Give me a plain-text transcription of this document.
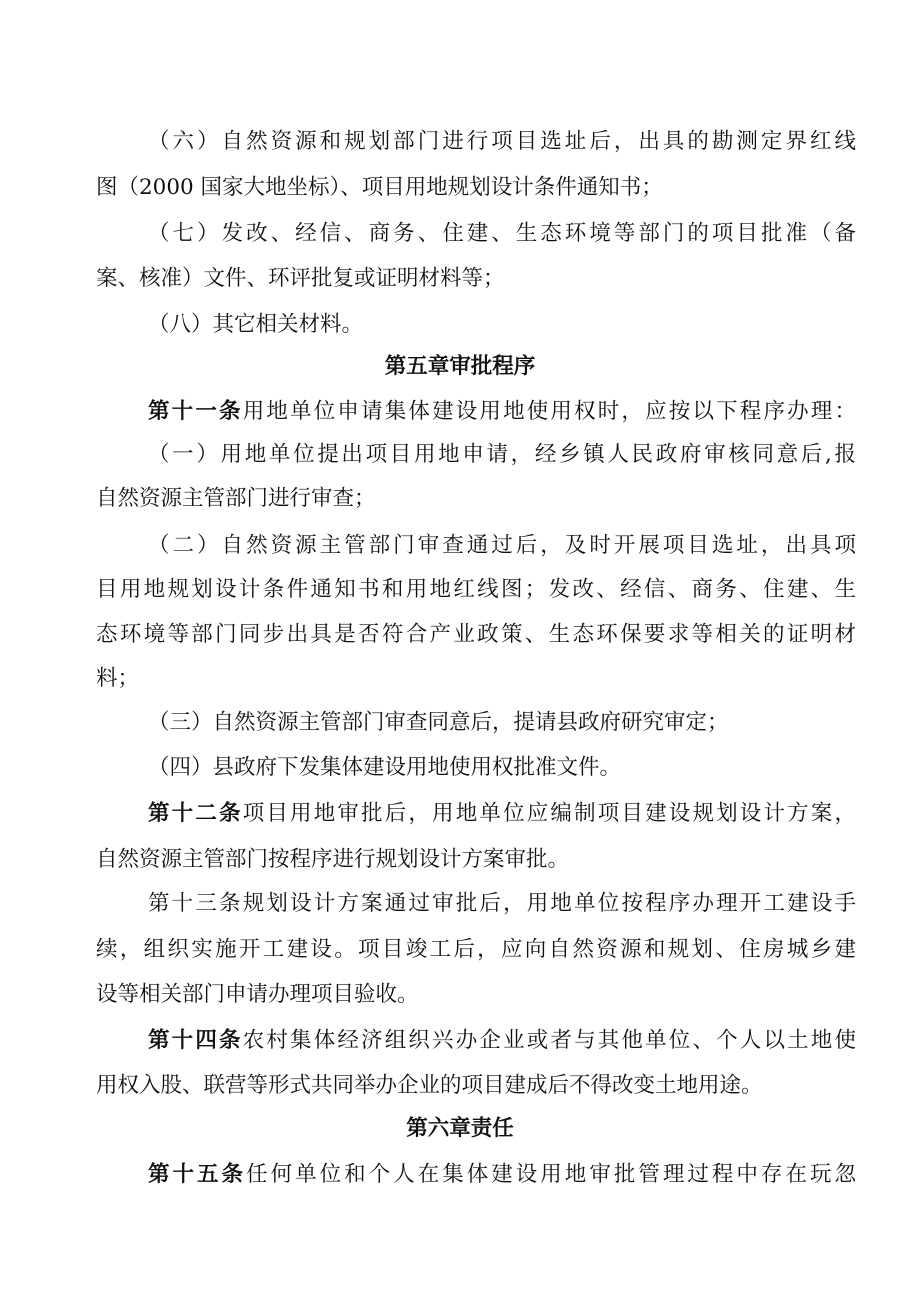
（六）自然资源和规划部门进行项目选址后，出具的勘测定界红线
图（2000 国家大地坐标）、项目用地规划设计条件通知书；
（七）发改、经信、商务、住建、生态环境等部门的项目批准（备
案、核准）文件、环评批复或证明材料等；
（八）其它相关材料。
第五章审批程序
第十一条用地单位申请集体建设用地使用权时，应按以下程序办理：
（一）用地单位提出项目用地申请，经乡镇人民政府审核同意后,报
自然资源主管部门进行审查；
（二）自然资源主管部门审查通过后，及时开展项目选址，出具项
目用地规划设计条件通知书和用地红线图；发改、经信、商务、住建、生
态环境等部门同步出具是否符合产业政策、生态环保要求等相关的证明材
料；
（三）自然资源主管部门审查同意后，提请县政府研究审定；
（四）县政府下发集体建设用地使用权批准文件。
第十二条项目用地审批后，用地单位应编制项目建设规划设计方案，
自然资源主管部门按程序进行规划设计方案审批。
第十三条规划设计方案通过审批后，用地单位按程序办理开工建设手
续，组织实施开工建设。项目竣工后，应向自然资源和规划、住房城乡建
设等相关部门申请办理项目验收。
第十四条农村集体经济组织兴办企业或者与其他单位、个人以土地使
用权入股、联营等形式共同举办企业的项目建成后不得改变土地用途。
第六章责任
第十五条任何单位和个人在集体建设用地审批管理过程中存在玩忽
